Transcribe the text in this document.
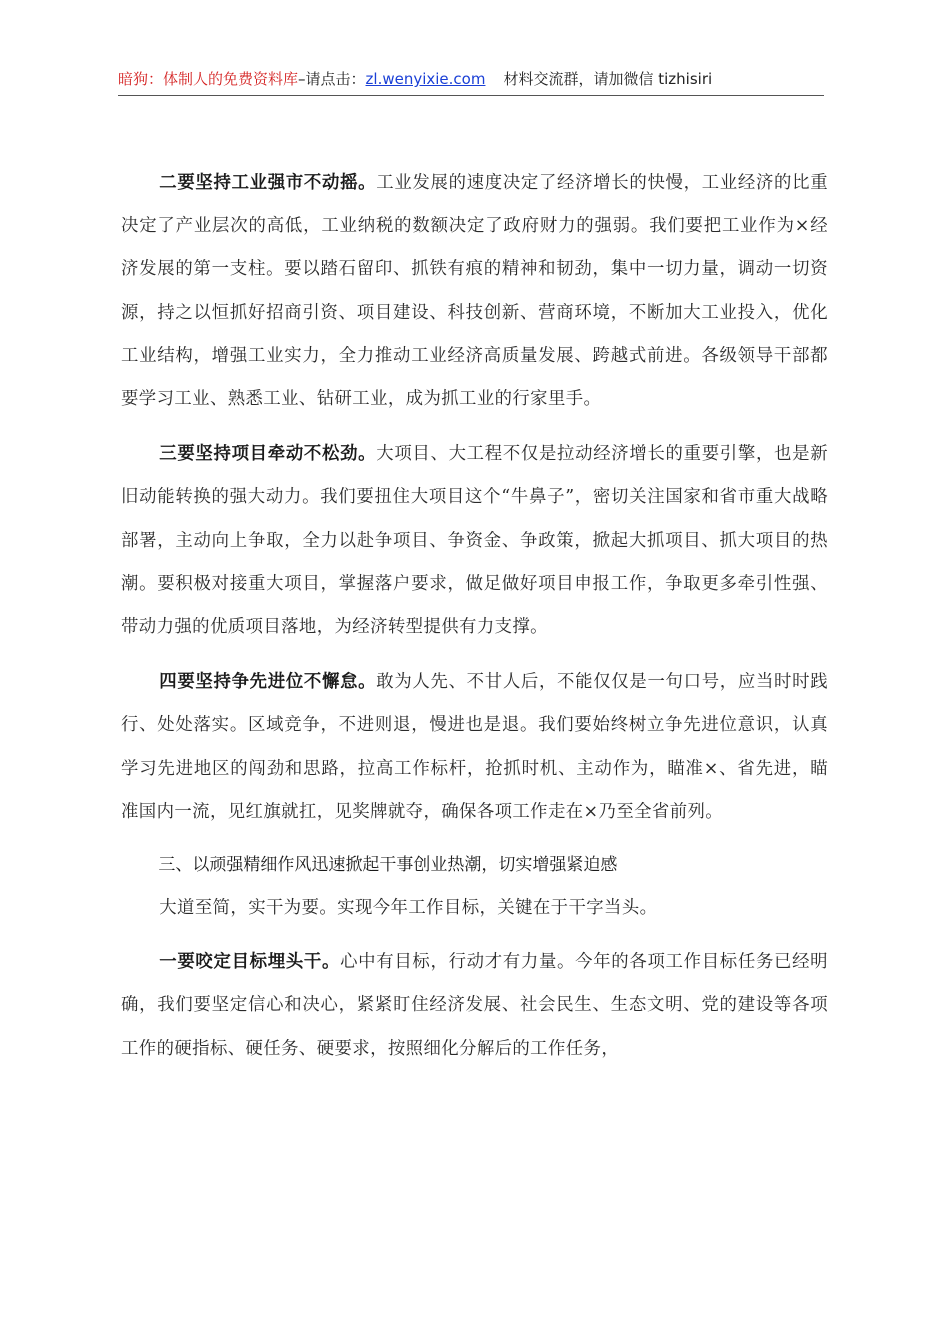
暗狗：体制人的免费资料库–请点击：zl.wenyixie.com 材料交流群，请加微信 tizhisiri

二要坚持工业强市不动摇。工业发展的速度决定了经济增长的快慢，工业经济的比重决定了产业层次的高低，工业纳税的数额决定了政府财力的强弱。我们要把工业作为×经济发展的第一支柱。要以踏石留印、抓铁有痕的精神和韧劲，集中一切力量，调动一切资源，持之以恒抓好招商引资、项目建设、科技创新、营商环境，不断加大工业投入，优化工业结构，增强工业实力，全力推动工业经济高质量发展、跨越式前进。各级领导干部都要学习工业、熟悉工业、钻研工业，成为抓工业的行家里手。

三要坚持项目牵动不松劲。大项目、大工程不仅是拉动经济增长的重要引擎，也是新旧动能转换的强大动力。我们要扭住大项目这个“牛鼻子”，密切关注国家和省市重大战略部署，主动向上争取，全力以赴争项目、争资金、争政策，掀起大抓项目、抓大项目的热潮。要积极对接重大项目，掌握落户要求，做足做好项目申报工作，争取更多牵引性强、带动力强的优质项目落地，为经济转型提供有力支撑。

四要坚持争先进位不懈怠。敢为人先、不甘人后，不能仅仅是一句口号，应当时时践行、处处落实。区域竞争，不进则退，慢进也是退。我们要始终树立争先进位意识，认真学习先进地区的闯劲和思路，拉高工作标杆，抢抓时机、主动作为，瞄准×、省先进，瞄准国内一流，见红旗就扛，见奖牌就夺，确保各项工作走在×乃至全省前列。

三、以顽强精细作风迅速掀起干事创业热潮，切实增强紧迫感

大道至简，实干为要。实现今年工作目标，关键在于干字当头。

一要咬定目标埋头干。心中有目标，行动才有力量。今年的各项工作目标任务已经明确，我们要坚定信心和决心，紧紧盯住经济发展、社会民生、生态文明、党的建设等各项工作的硬指标、硬任务、硬要求，按照细化分解后的工作任务，
